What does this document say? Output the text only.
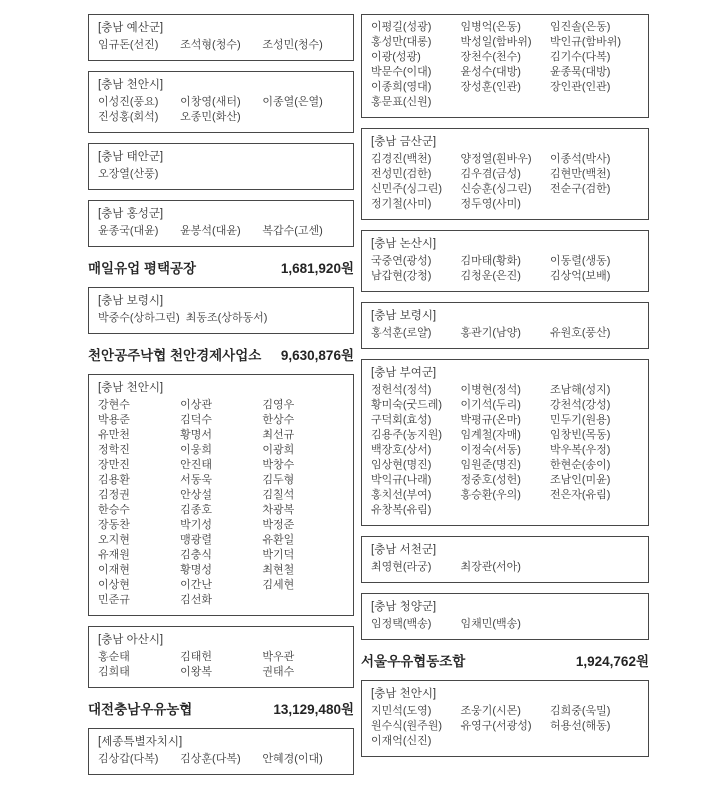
[충남 예산군]
임규돈(선진)	조석형(청수)	조성민(청수)
[충남 천안시]
이성진(풍요)	이창영(새터)	이종열(은열)
진성홍(회석)	오종민(화산)
[충남 태안군]
오장열(산풍)
[충남 홍성군]
윤종국(대윤)	윤봉석(대윤)	복갑수(고센)
매일유업 평택공장	1,681,920원
[충남 보령시]
박중수(상하그린) 최동조(상하동서)
천안공주낙협 천안경제사업소 9,630,876원
[충남 천안시]
강현수	이상관	김영우
박용준	김덕수	한상수
유만천	황명서	최선규
정학진	이웅희	이광희
장만진	안진태	박창수
김용환	서동욱	김두형
김정권	안상설	김칠석
한승수	김종호	차광복
장동찬	박기성	박정준
오지현	맹광렬	유환일
유재원	김충식	박기덕
이재현	황명성	최현철
이상현	이간난	김세현
민준규	김선화
[충남 아산시]
홍순태	김태헌	박우관
김희태	이왕복	권태수
대전충남우유농협	13,129,480원
[세종특별자치시]
김상갑(다복)	김상훈(다복)	안혜경(이대)
이평길(성광)	임병억(은동)	임진솔(은동)
홍성만(대롱)	박성일(함바위)	박인규(함바위)
이광(성광)	장천수(천수)	김기수(다복)
박문수(이대)	윤성수(대방)	윤종묵(대방)
이종희(영대)	장성훈(인관)	장인관(인관)
홍문표(신원)
[충남 금산군]
김경진(백천)	양정열(흰바우)	이종석(박사)
전성민(검한)	김우겸(금성)	김현만(백천)
신민주(싱그린)	신승훈(싱그린)	전순구(검한)
정기철(사미)	정두영(사미)
[충남 논산시]
국중연(광성)	김마태(황화)	이동렬(생동)
남갑현(강청)	김청운(은진)	김상억(보배)
[충남 보령시]
홍석훈(로얄)	홍관기(남양)	유원호(풍산)
[충남 부여군]
정헌석(정석)	이병현(정석)	조남해(성지)
황미숙(굿드레)	이기석(두리)	강천석(강성)
구덕회(효성)	박평규(온마)	민두기(원용)
김용주(농지원)	임계철(자매)	임창빈(목동)
백장호(상서)	이정숙(서동)	박우복(우정)
임상현(명진)	임원준(명진)	한현순(송이)
박익규(나래)	정중호(성헌)	조남인(미윤)
홍치선(부여)	홍승환(우의)	전은자(유림)
유창복(유림)
[충남 서천군]
최영현(라궁)	최장관(서아)
[충남 청양군]
임정택(백송)	임채민(백송)
서울우유협동조합	1,924,762원
[충남 천안시]
지민석(도영)	조웅기(시몬)	김희중(욱밀)
원수식(원주원)	유영구(서광성)	허용선(해동)
이재억(신진)
